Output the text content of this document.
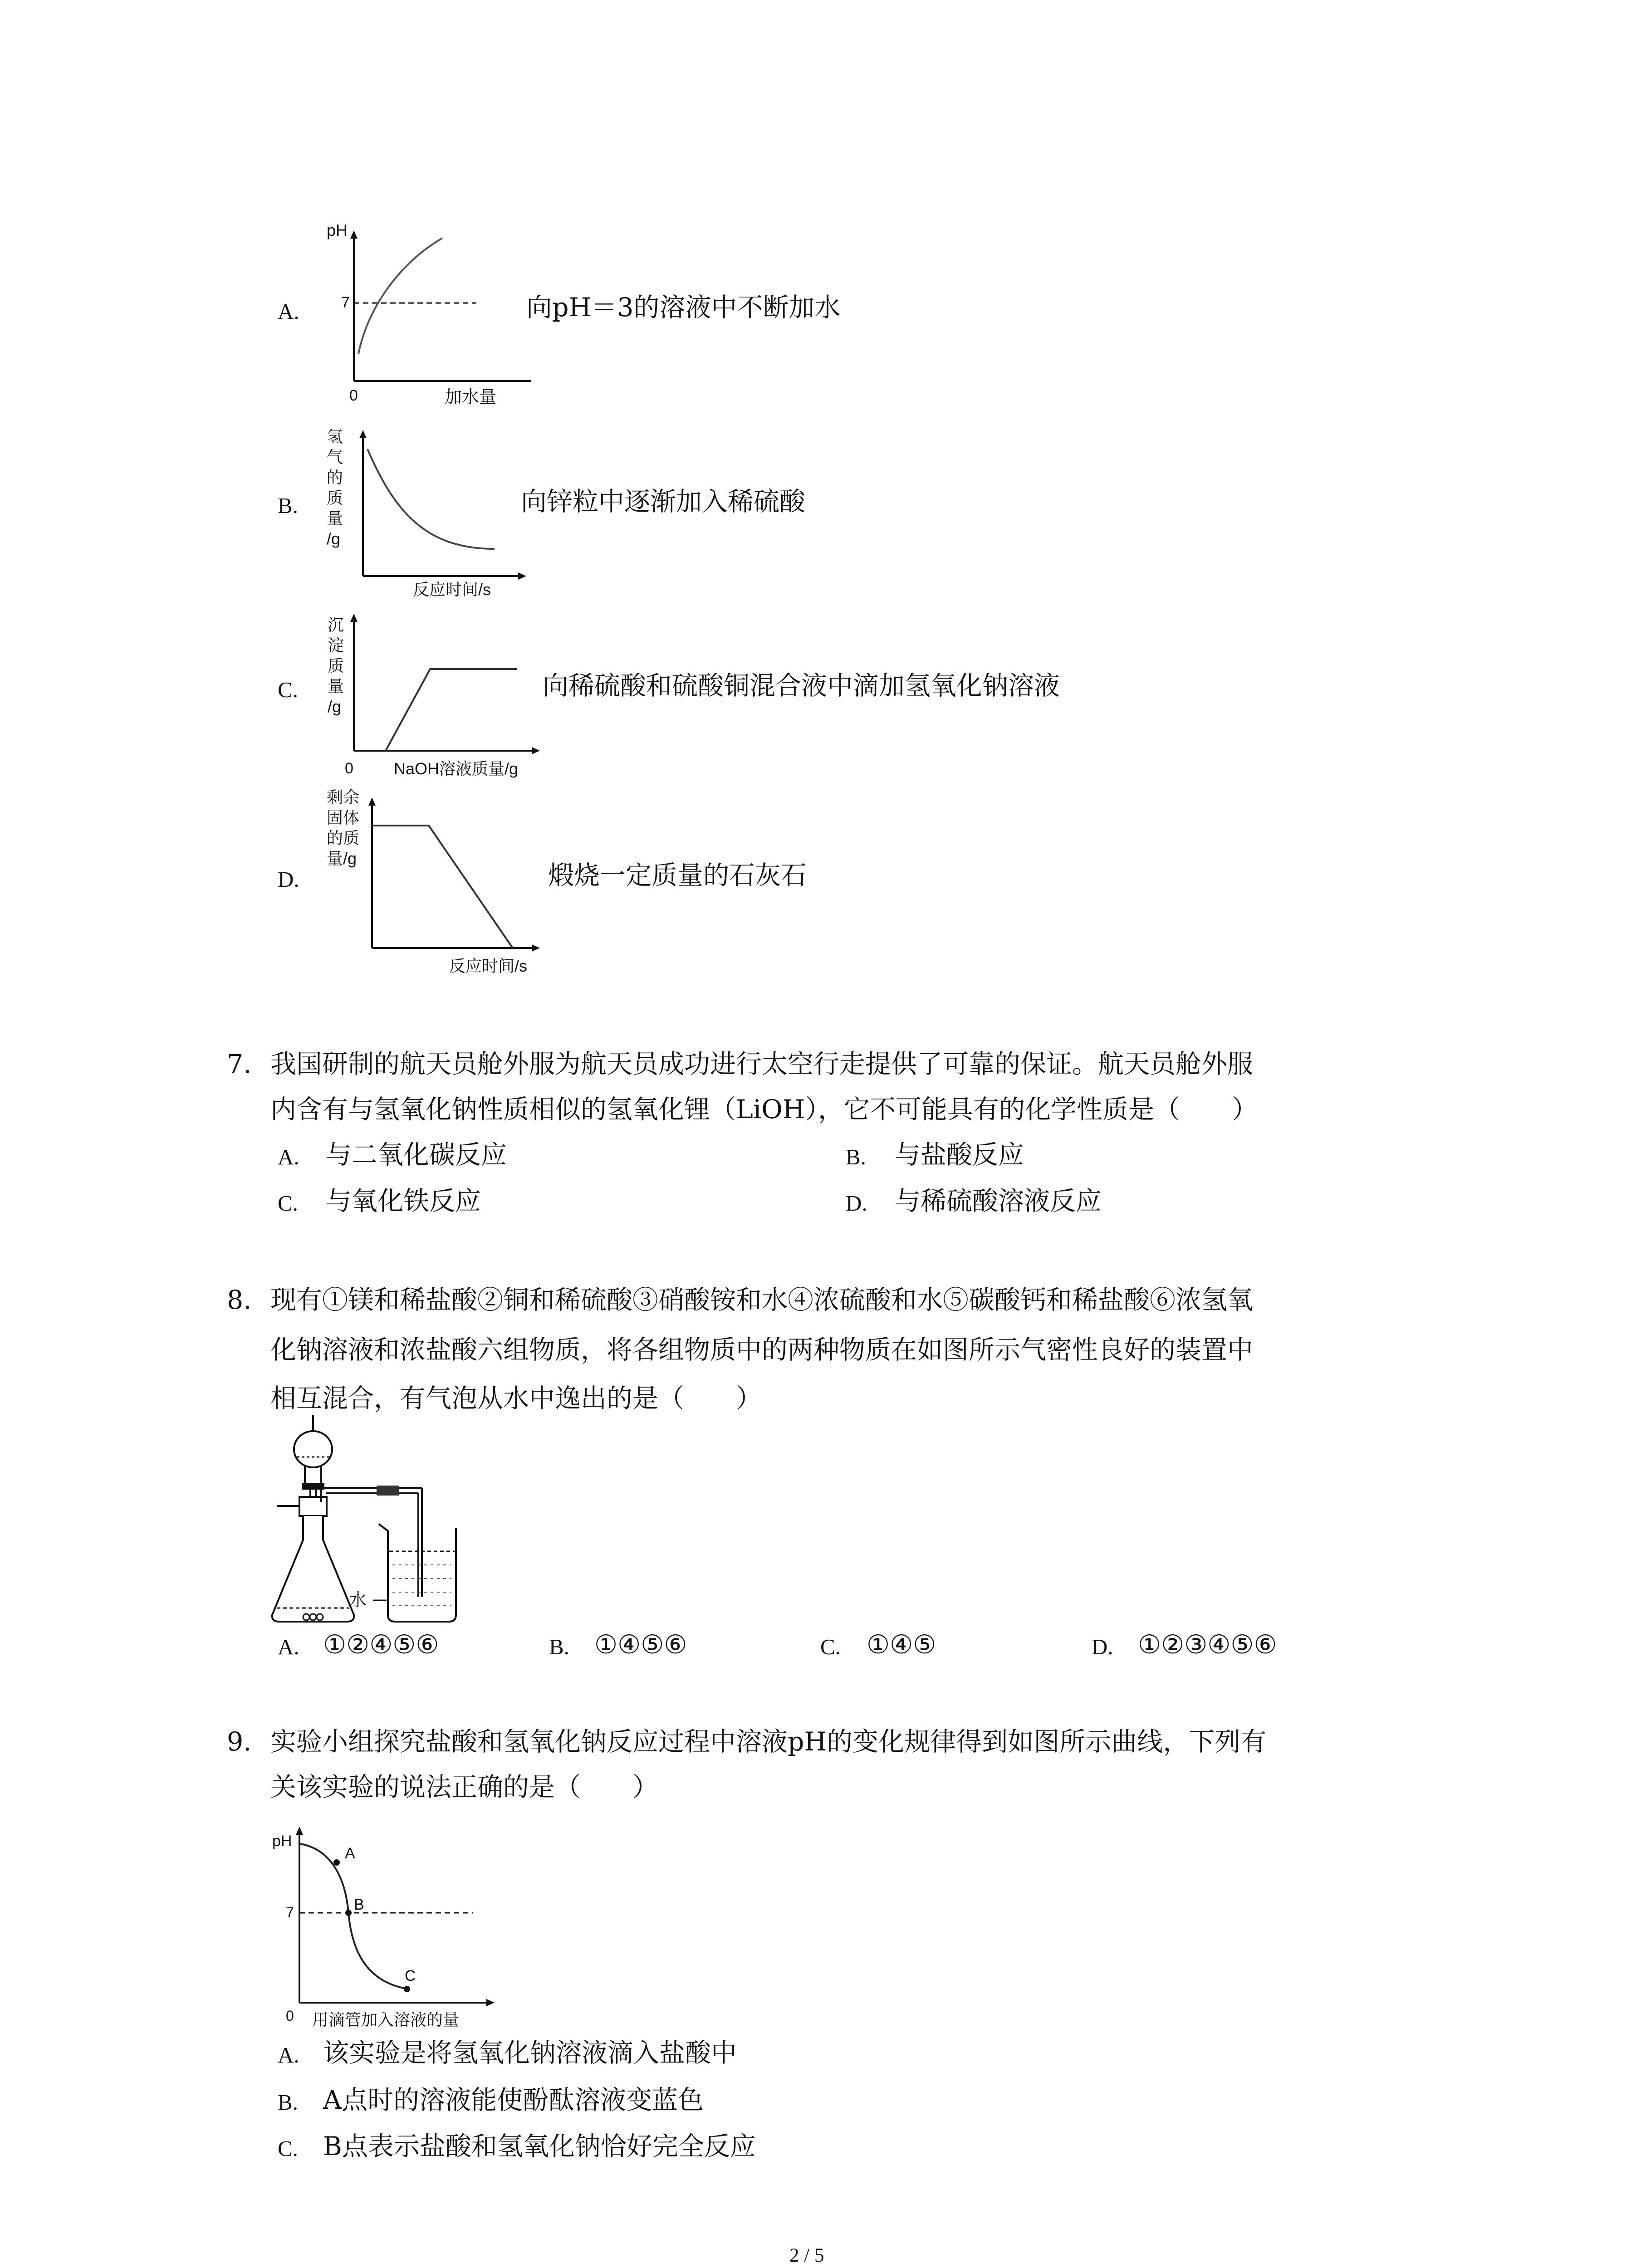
A.
pH
7
0	加水量
向pH＝3的溶液中不断加水
B.
氢
气
的
质
量
/g
反应时间/s
向锌粒中逐渐加入稀硫酸
C.
沉
淀
质
量
/g
0 NaOH溶液质量/g
向稀硫酸和硫酸铜混合液中滴加氢氧化钠溶液
D.
剩余
固体
的质
量/g
反应时间/s
煅烧一定质量的石灰石
7. 我国研制的航天员舱外服为航天员成功进行太空行走提供了可靠的保证。航天员舱外服
内含有与氢氧化钠性质相似的氢氧化锂（LiOH），它不可能具有的化学性质是（　　）
A. 与二氧化碳反应	B. 与盐酸反应
C. 与氧化铁反应	D. 与稀硫酸溶液反应
8. 现有①镁和稀盐酸②铜和稀硫酸③硝酸铵和水④浓硫酸和水⑤碳酸钙和稀盐酸⑥浓氢氧
化钠溶液和浓盐酸六组物质，将各组物质中的两种物质在如图所示气密性良好的装置中
相互混合，有气泡从水中逸出的是（　　）
水
A. ①②④⑤⑥	B. ①④⑤⑥	C. ①④⑤	D. ①②③④⑤⑥
9. 实验小组探究盐酸和氢氧化钠反应过程中溶液pH的变化规律得到如图所示曲线，下列有
关该实验的说法正确的是（　　）
pH
7
0
A
B
C
用滴管加入溶液的量
A. 该实验是将氢氧化钠溶液滴入盐酸中
B. A点时的溶液能使酚酞溶液变蓝色
C. B点表示盐酸和氢氧化钠恰好完全反应
2 / 5
